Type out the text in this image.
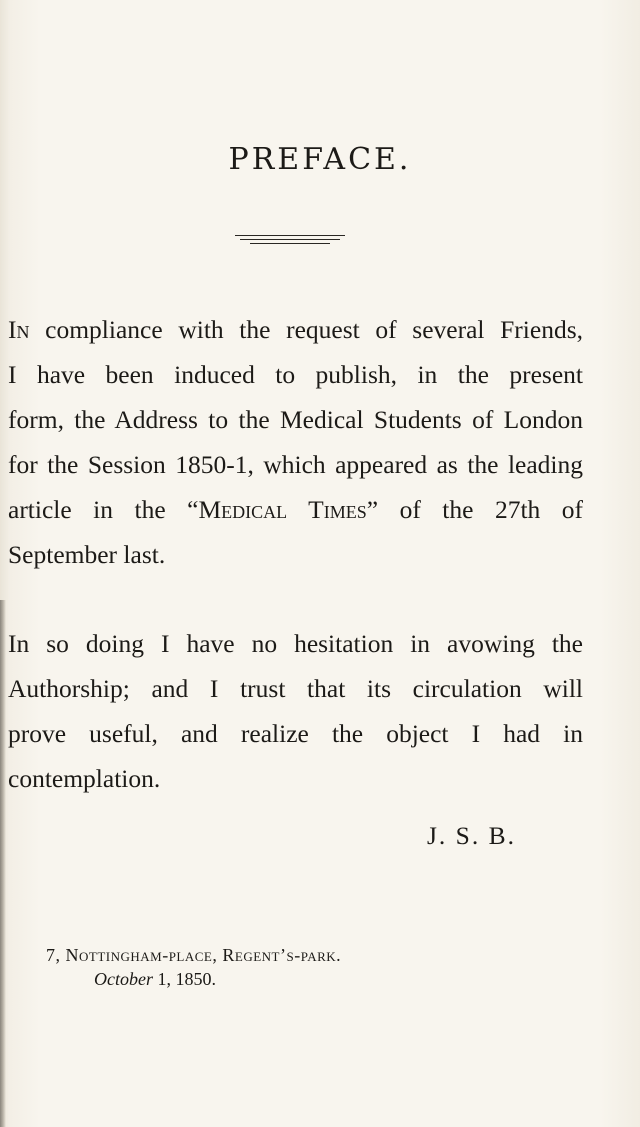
PREFACE.
In compliance with the request of several Friends,
I have been induced to publish, in the present
form, the Address to the Medical Students of London
for the Session 1850-1, which appeared as the leading
article in the “Medical Times” of the 27th of
September last.
In so doing I have no hesitation in avowing the
Authorship; and I trust that its circulation will
prove useful, and realize the object I had in
contemplation.
J. S. B.
7, Nottingham-place, Regent’s-park.
October 1, 1850.
